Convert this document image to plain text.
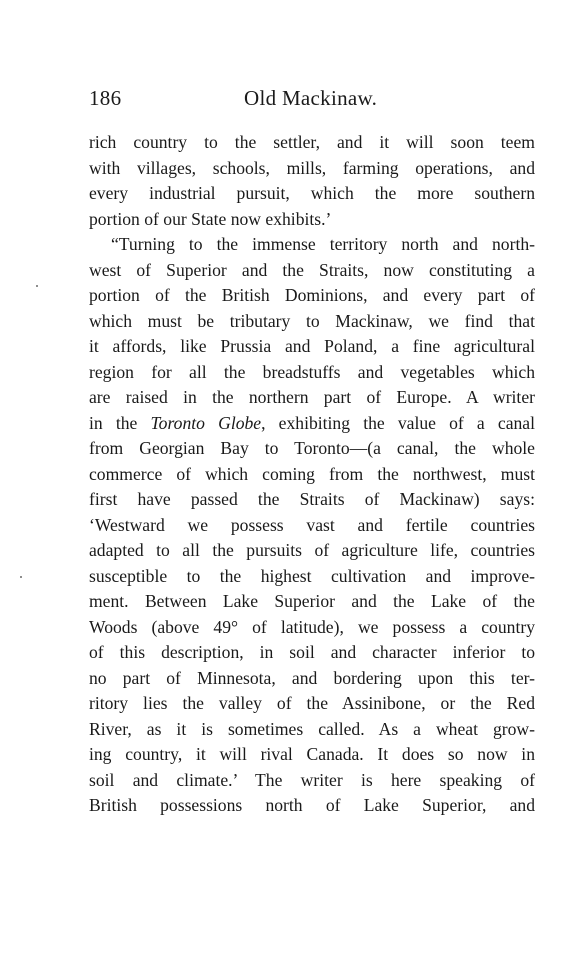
186	Old Mackinaw.
rich country to the settler, and it will soon teem
with villages, schools, mills, farming operations, and
every industrial pursuit, which the more southern
portion of our State now exhibits.’
“Turning to the immense territory north and north-
west of Superior and the Straits, now constituting a
portion of the British Dominions, and every part of
which must be tributary to Mackinaw, we find that
it affords, like Prussia and Poland, a fine agricultural
region for all the breadstuffs and vegetables which
are raised in the northern part of Europe. A writer
in the Toronto Globe, exhibiting the value of a canal
from Georgian Bay to Toronto—(a canal, the whole
commerce of which coming from the northwest, must
first have passed the Straits of Mackinaw) says:
‘Westward we possess vast and fertile countries
adapted to all the pursuits of agriculture life, countries
susceptible to the highest cultivation and improve-
ment. Between Lake Superior and the Lake of the
Woods (above 49° of latitude), we possess a country
of this description, in soil and character inferior to
no part of Minnesota, and bordering upon this ter-
ritory lies the valley of the Assinibone, or the Red
River, as it is sometimes called. As a wheat grow-
ing country, it will rival Canada. It does so now in
soil and climate.’ The writer is here speaking of
British possessions north of Lake Superior, and
